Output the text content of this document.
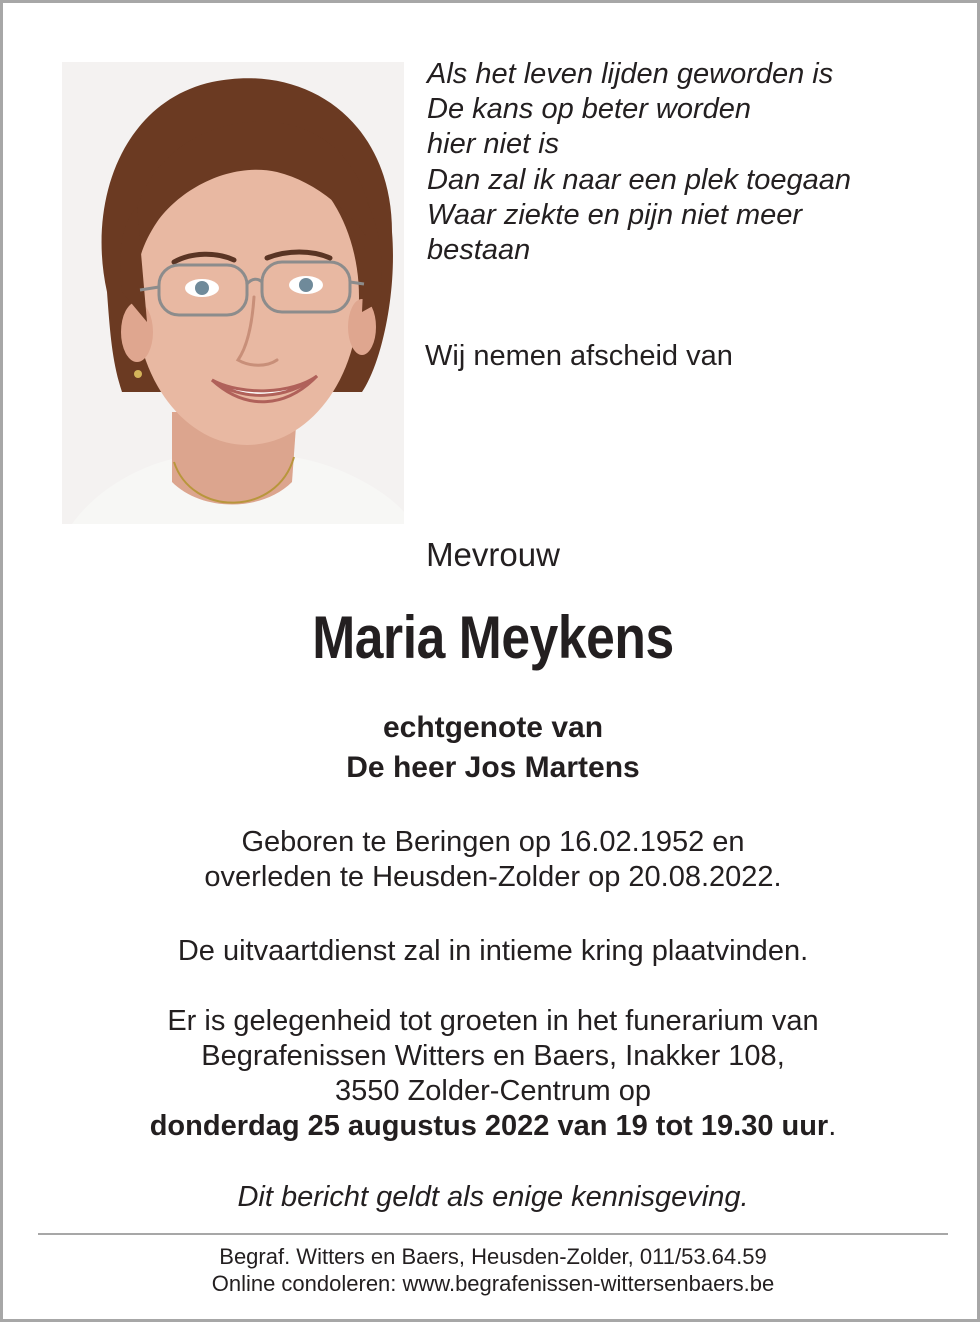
Als het leven lijden geworden is
De kans op beter worden
hier niet is
Dan zal ik naar een plek toegaan
Waar ziekte en pijn niet meer
bestaan
Wij nemen afscheid van
Mevrouw
Maria Meykens
echtgenote van
De heer Jos Martens
Geboren te Beringen op 16.02.1952 en
overleden te Heusden-Zolder op 20.08.2022.
De uitvaartdienst zal in intieme kring plaatvinden.
Er is gelegenheid tot groeten in het funerarium van
Begrafenissen Witters en Baers, Inakker 108,
3550 Zolder-Centrum op
donderdag 25 augustus 2022 van 19 tot 19.30 uur.
Dit bericht geldt als enige kennisgeving.
Begraf. Witters en Baers, Heusden-Zolder, 011/53.64.59
Online condoleren: www.begrafenissen-wittersenbaers.be
